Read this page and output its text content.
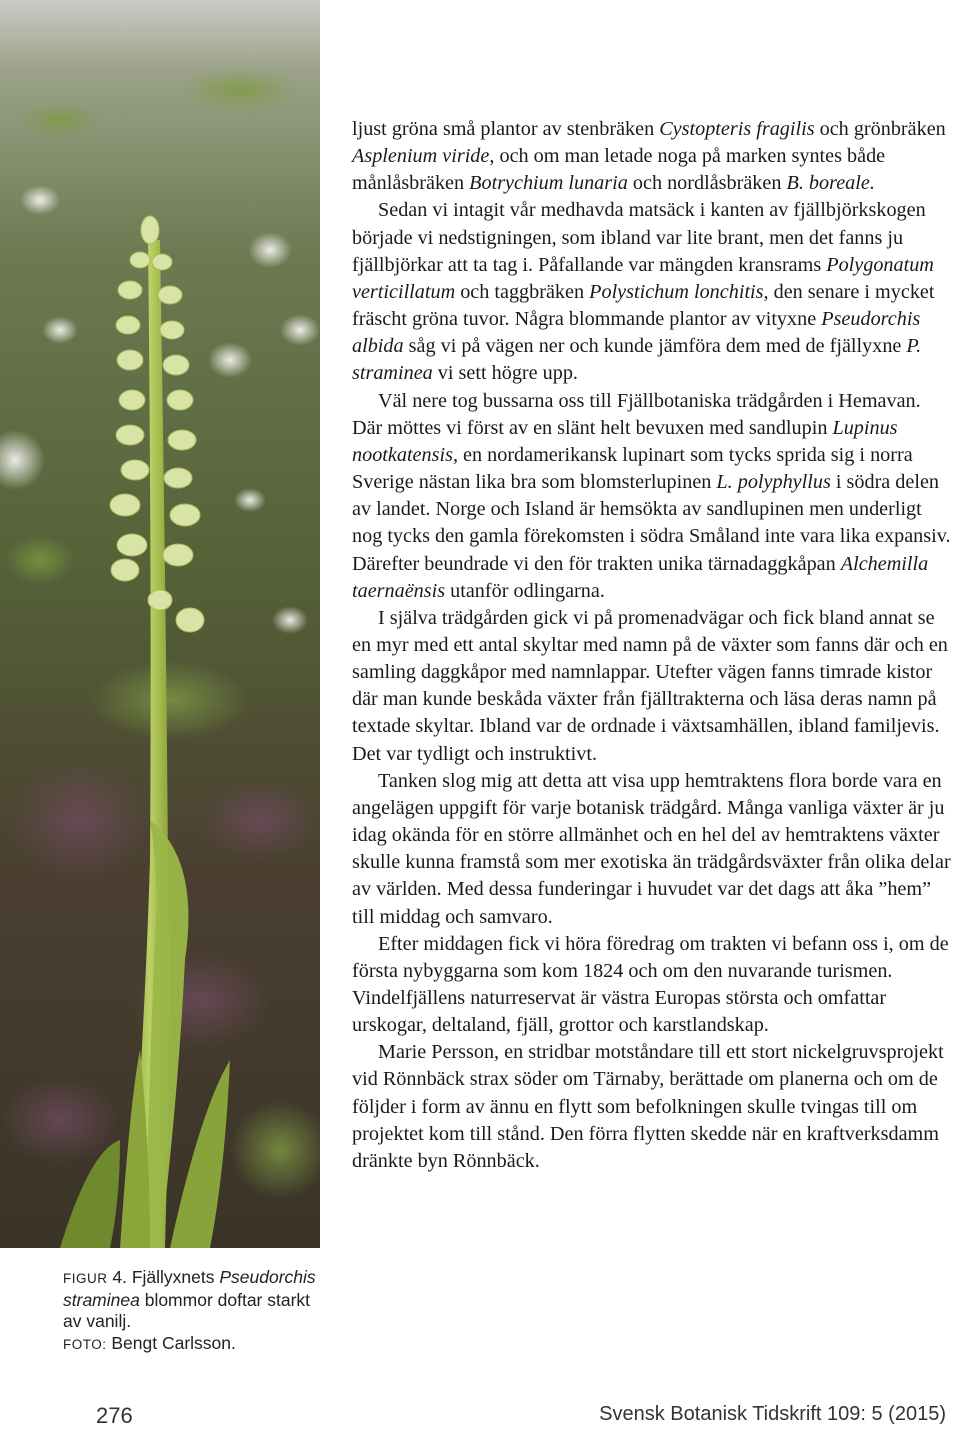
FIGUR 4. Fjällyxnets Pseudorchis straminea blommor doftar starkt av vanilj.
FOTO: Bengt Carlsson.

ljust gröna små plantor av stenbräken Cystopteris fragilis och grönbräken Asplenium viride, och om man letade noga på marken syntes både månlåsbräken Botrychium lunaria och nordlåsbräken B. boreale.

Sedan vi intagit vår medhavda matsäck i kanten av fjällbjörkskogen började vi nedstigningen, som ibland var lite brant, men det fanns ju fjällbjörkar att ta tag i. Påfallande var mängden kransrams Polygonatum verticillatum och taggbräken Polystichum lonchitis, den senare i mycket fräscht gröna tuvor. Några blommande plantor av vityxne Pseudorchis albida såg vi på vägen ner och kunde jämföra dem med de fjällyxne P. straminea vi sett högre upp.

Väl nere tog bussarna oss till Fjällbotaniska trädgården i Hemavan. Där möttes vi först av en slänt helt bevuxen med sandlupin Lupinus nootkatensis, en nordamerikansk lupinart som tycks sprida sig i norra Sverige nästan lika bra som blomsterlupinen L. polyphyllus i södra delen av landet. Norge och Island är hemsökta av sandlupinen men underligt nog tycks den gamla förekomsten i södra Småland inte vara lika expansiv. Därefter beundrade vi den för trakten unika tärnadaggkåpan Alchemilla taernaënsis utanför odlingarna.

I själva trädgården gick vi på promenadvägar och fick bland annat se en myr med ett antal skyltar med namn på de växter som fanns där och en samling daggkåpor med namnlappar. Utefter vägen fanns timrade kistor där man kunde beskåda växter från fjälltrakterna och läsa deras namn på textade skyltar. Ibland var de ordnade i växtsamhällen, ibland familjevis. Det var tydligt och instruktivt.

Tanken slog mig att detta att visa upp hemtraktens flora borde vara en angelägen uppgift för varje botanisk trädgård. Många vanliga växter är ju idag okända för en större allmänhet och en hel del av hemtraktens växter skulle kunna framstå som mer exotiska än trädgårdsväxter från olika delar av världen. Med dessa funderingar i huvudet var det dags att åka ”hem” till middag och samvaro.

Efter middagen fick vi höra föredrag om trakten vi befann oss i, om de första nybyggarna som kom 1824 och om den nuvarande turismen. Vindelfjällens naturreservat är västra Europas största och omfattar urskogar, deltaland, fjäll, grottor och karstlandskap.

Marie Persson, en stridbar motståndare till ett stort nickelgruvsprojekt vid Rönnbäck strax söder om Tärnaby, berättade om planerna och om de följder i form av ännu en flytt som befolkningen skulle tvingas till om projektet kom till stånd. Den förra flytten skedde när en kraftverksdamm dränkte byn Rönnbäck.

276	Svensk Botanisk Tidskrift 109: 5 (2015)
